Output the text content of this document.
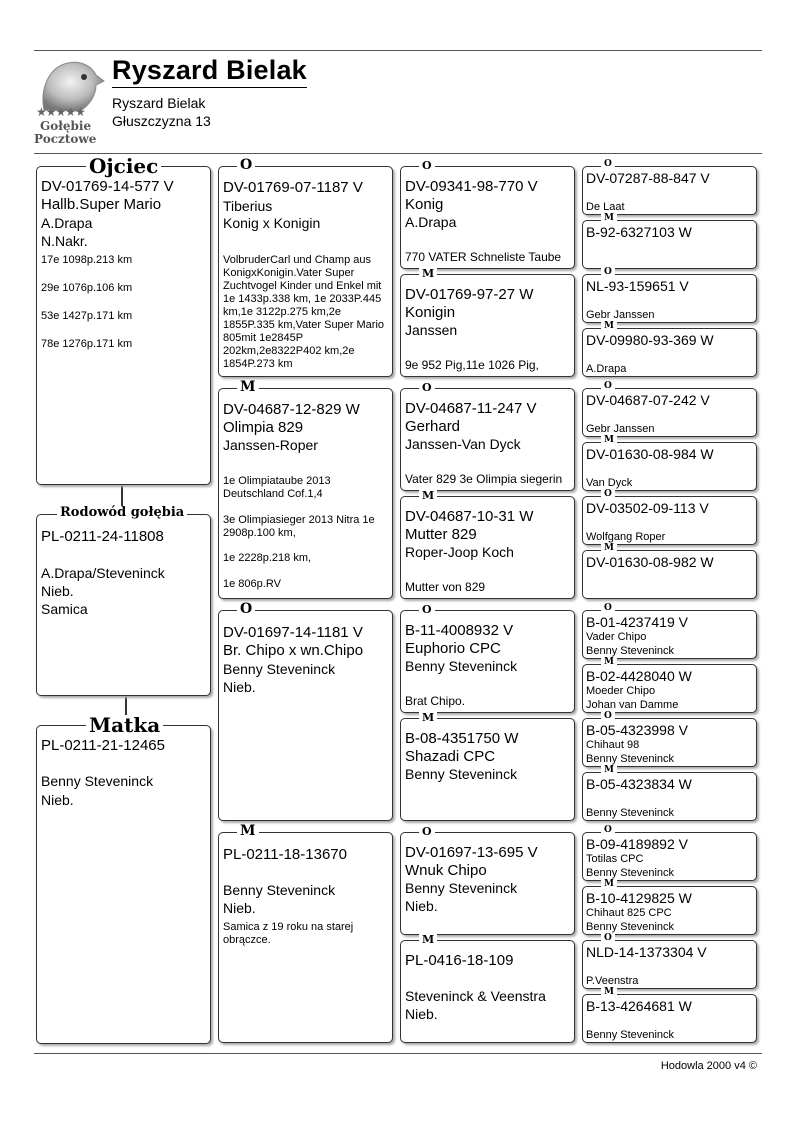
★★★★★
Gołębie
Pocztowe
Ryszard Bielak
Ryszard Bielak
Głuszczyzna 13
DV-01769-14-577 V
Hallb.Super Mario
A.Drapa
N.Nakr.
17e 1098p.213 km
29e 1076p.106 km
53e 1427p.171 km
78e 1276p.171 km
Ojciec
PL-0211-24-11808
A.Drapa/Steveninck
Nieb.
Samica
Rodowód gołębia
PL-0211-21-12465
Benny Steveninck
Nieb.
Matka
DV-01769-07-1187 V
Tiberius
Konig x Konigin
VolbruderCarl und Champ aus KonigxKonigin.Vater Super Zuchtvogel Kinder und Enkel mit 1e 1433p.338 km, 1e 2033P.445 km,1e 3122p.275 km,2e 1855P.335 km,Vater Super Mario 805mit 1e2845P 202km,2e8322P402 km,2e 1854P.273 km
O
DV-04687-12-829 W
Olimpia 829
Janssen-Roper
1e Olimpiataube 2013 Deutschland Cof.1,4
3e Olimpiasieger 2013 Nitra 1e 2908p.100 km,
1e 2228p.218 km,
1e 806p.RV
M
DV-01697-14-1181 V
Br. Chipo x wn.Chipo
Benny Steveninck
Nieb.
O
PL-0211-18-13670
Benny Steveninck
Nieb.
Samica z 19 roku na starej obrączce.
M
DV-09341-98-770 V
Konig
A.Drapa
770 VATER Schneliste Taube
O
DV-01769-97-27 W
Konigin
Janssen
9e 952 Pig,11e 1026 Pig,
M
DV-04687-11-247 V
Gerhard
Janssen-Van Dyck
Vater 829 3e Olimpia siegerin
O
DV-04687-10-31 W
Mutter 829
Roper-Joop Koch
Mutter von 829
M
B-11-4008932 V
Euphorio CPC
Benny Steveninck
Brat Chipo.
O
B-08-4351750 W
Shazadi CPC
Benny Steveninck
M
DV-01697-13-695 V
Wnuk Chipo
Benny Steveninck
Nieb.
O
PL-0416-18-109
Steveninck & Veenstra
Nieb.
M
DV-07287-88-847 V
De Laat
O
B-92-6327103 W
M
NL-93-159651 V
Gebr Janssen
O
DV-09980-93-369 W
A.Drapa
M
DV-04687-07-242 V
Gebr Janssen
O
DV-01630-08-984 W
Van Dyck
M
DV-03502-09-113 V
Wolfgang Roper
O
DV-01630-08-982 W
M
B-01-4237419 V
Vader Chipo
Benny Steveninck
O
B-02-4428040 W
Moeder Chipo
Johan van Damme
M
B-05-4323998 V
Chihaut 98
Benny Steveninck
O
B-05-4323834 W
Benny Steveninck
M
B-09-4189892 V
Totilas CPC
Benny Steveninck
O
B-10-4129825 W
Chihaut 825 CPC
Benny Steveninck
M
NLD-14-1373304 V
P.Veenstra
O
B-13-4264681 W
Benny Steveninck
M
Hodowla 2000 v4 ©
